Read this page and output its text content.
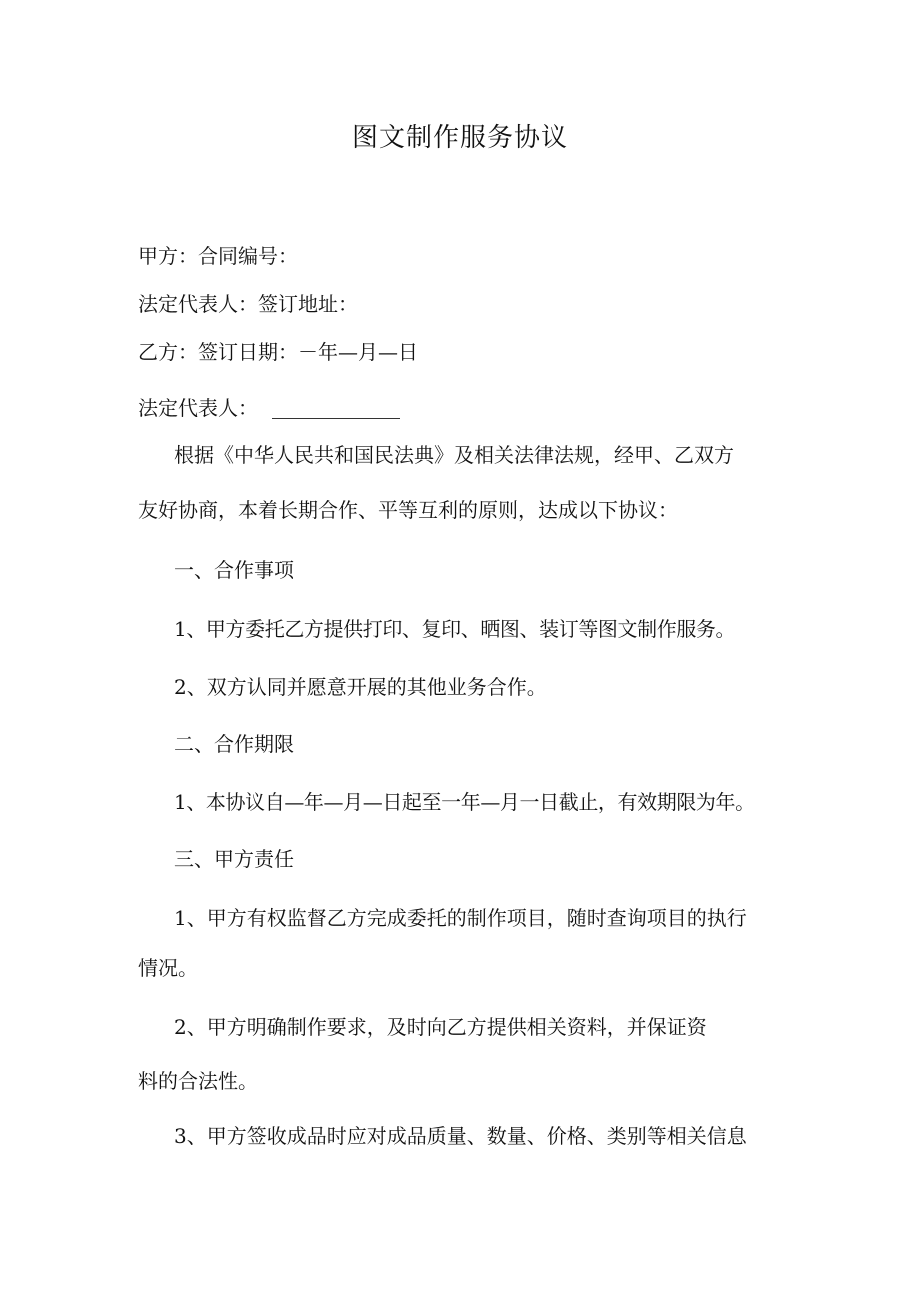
图文制作服务协议

甲方：合同编号：

法定代表人：签订地址：

乙方：签订日期：－年—月—日

法定代表人：

根据《中华人民共和国民法典》及相关法律法规，经甲、乙双方

友好协商，本着长期合作、平等互利的原则，达成以下协议：

一、合作事项

1、甲方委托乙方提供打印、复印、晒图、装订等图文制作服务。

2、双方认同并愿意开展的其他业务合作。

二、合作期限

1、本协议自—年—月—日起至一年—月一日截止，有效期限为年。

三、甲方责任

1、甲方有权监督乙方完成委托的制作项目，随时查询项目的执行

情况。

2、甲方明确制作要求，及时向乙方提供相关资料，并保证资

料的合法性。

3、甲方签收成品时应对成品质量、数量、价格、类别等相关信息
